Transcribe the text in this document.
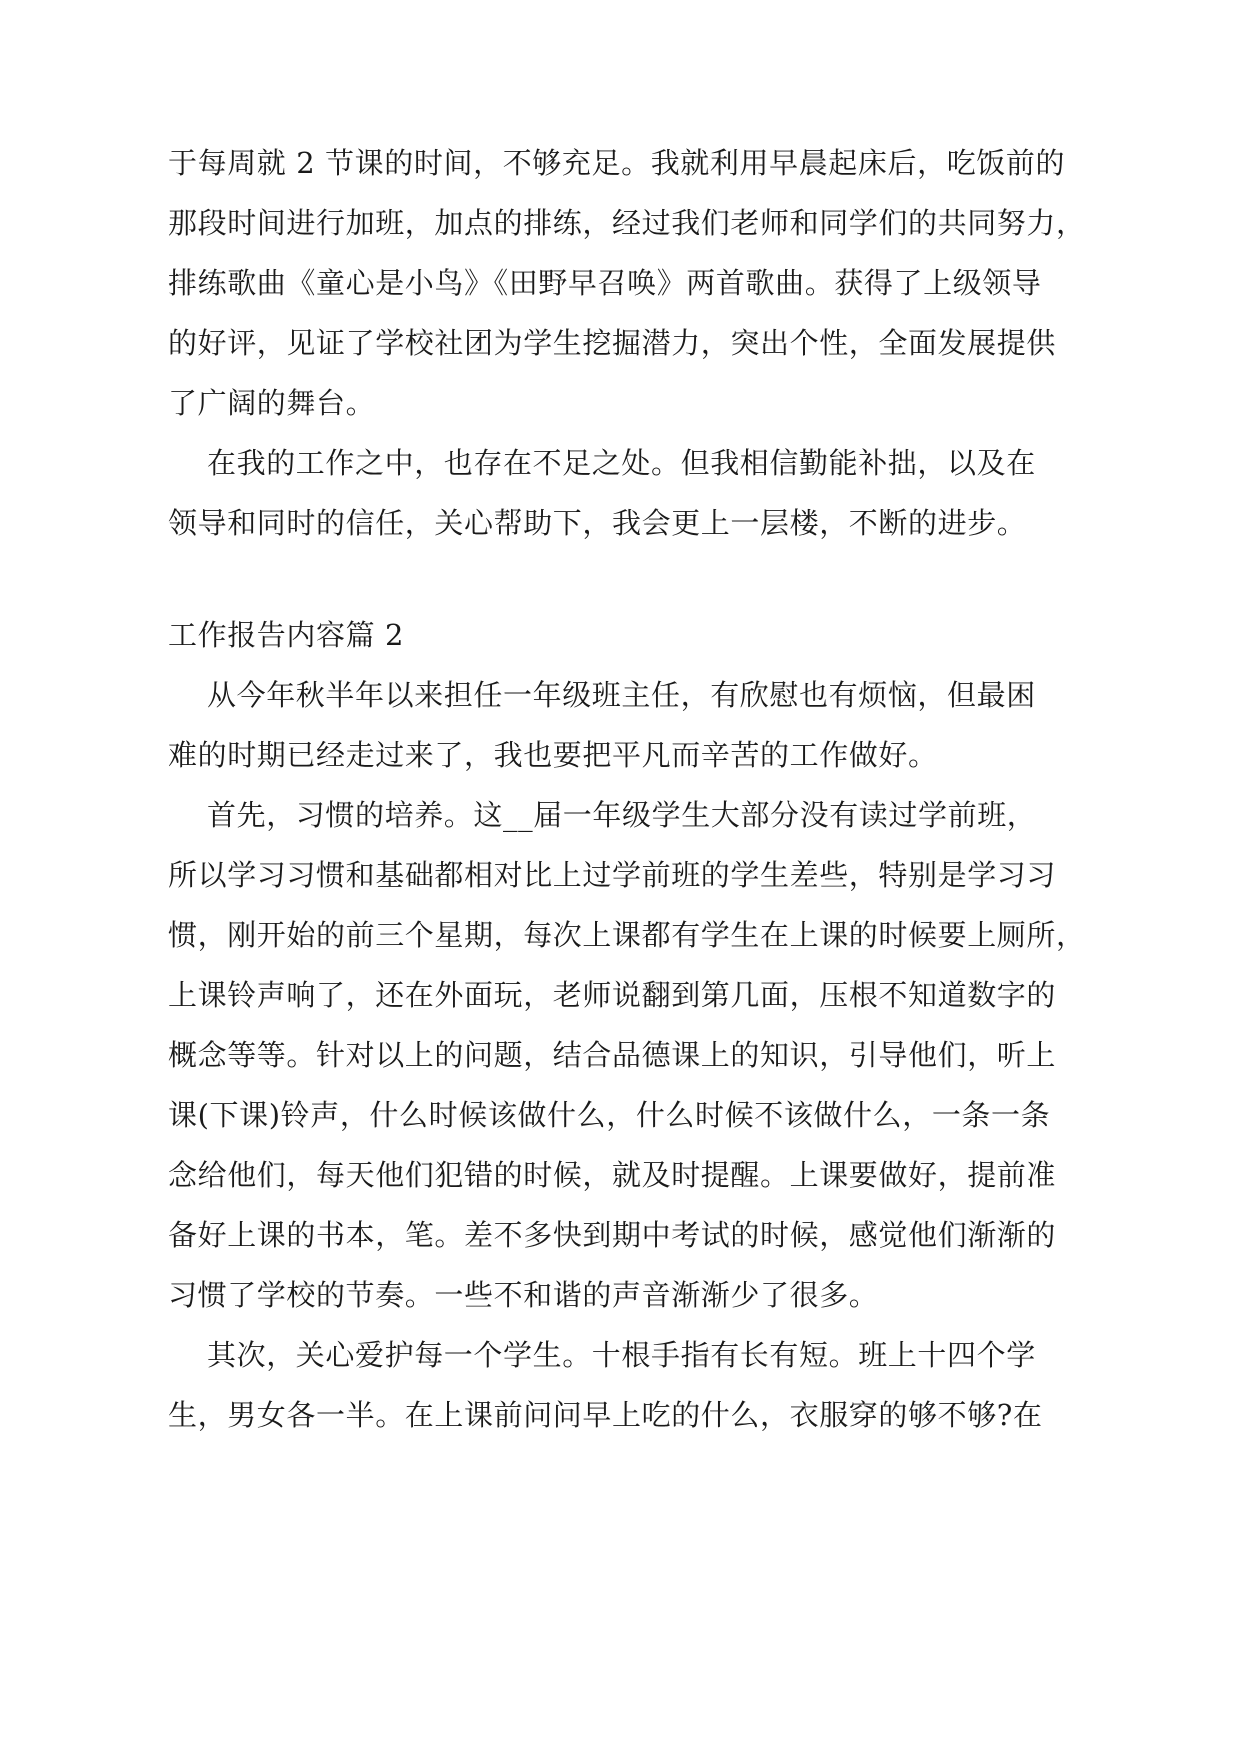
于每周就 2 节课的时间，不够充足。我就利用早晨起床后，吃饭前的
那段时间进行加班，加点的排练，经过我们老师和同学们的共同努力，
排练歌曲《童心是小鸟》《田野早召唤》两首歌曲。获得了上级领导
的好评，见证了学校社团为学生挖掘潜力，突出个性，全面发展提供
了广阔的舞台。
在我的工作之中，也存在不足之处。但我相信勤能补拙，以及在
领导和同时的信任，关心帮助下，我会更上一层楼，不断的进步。
工作报告内容篇 2
从今年秋半年以来担任一年级班主任，有欣慰也有烦恼，但最困
难的时期已经走过来了，我也要把平凡而辛苦的工作做好。
首先，习惯的培养。这__届一年级学生大部分没有读过学前班，
所以学习习惯和基础都相对比上过学前班的学生差些，特别是学习习
惯，刚开始的前三个星期，每次上课都有学生在上课的时候要上厕所，
上课铃声响了，还在外面玩，老师说翻到第几面，压根不知道数字的
概念等等。针对以上的问题，结合品德课上的知识，引导他们，听上
课(下课)铃声，什么时候该做什么，什么时候不该做什么，一条一条
念给他们，每天他们犯错的时候，就及时提醒。上课要做好，提前准
备好上课的书本，笔。差不多快到期中考试的时候，感觉他们渐渐的
习惯了学校的节奏。一些不和谐的声音渐渐少了很多。
其次，关心爱护每一个学生。十根手指有长有短。班上十四个学
生，男女各一半。在上课前问问早上吃的什么，衣服穿的够不够?在
